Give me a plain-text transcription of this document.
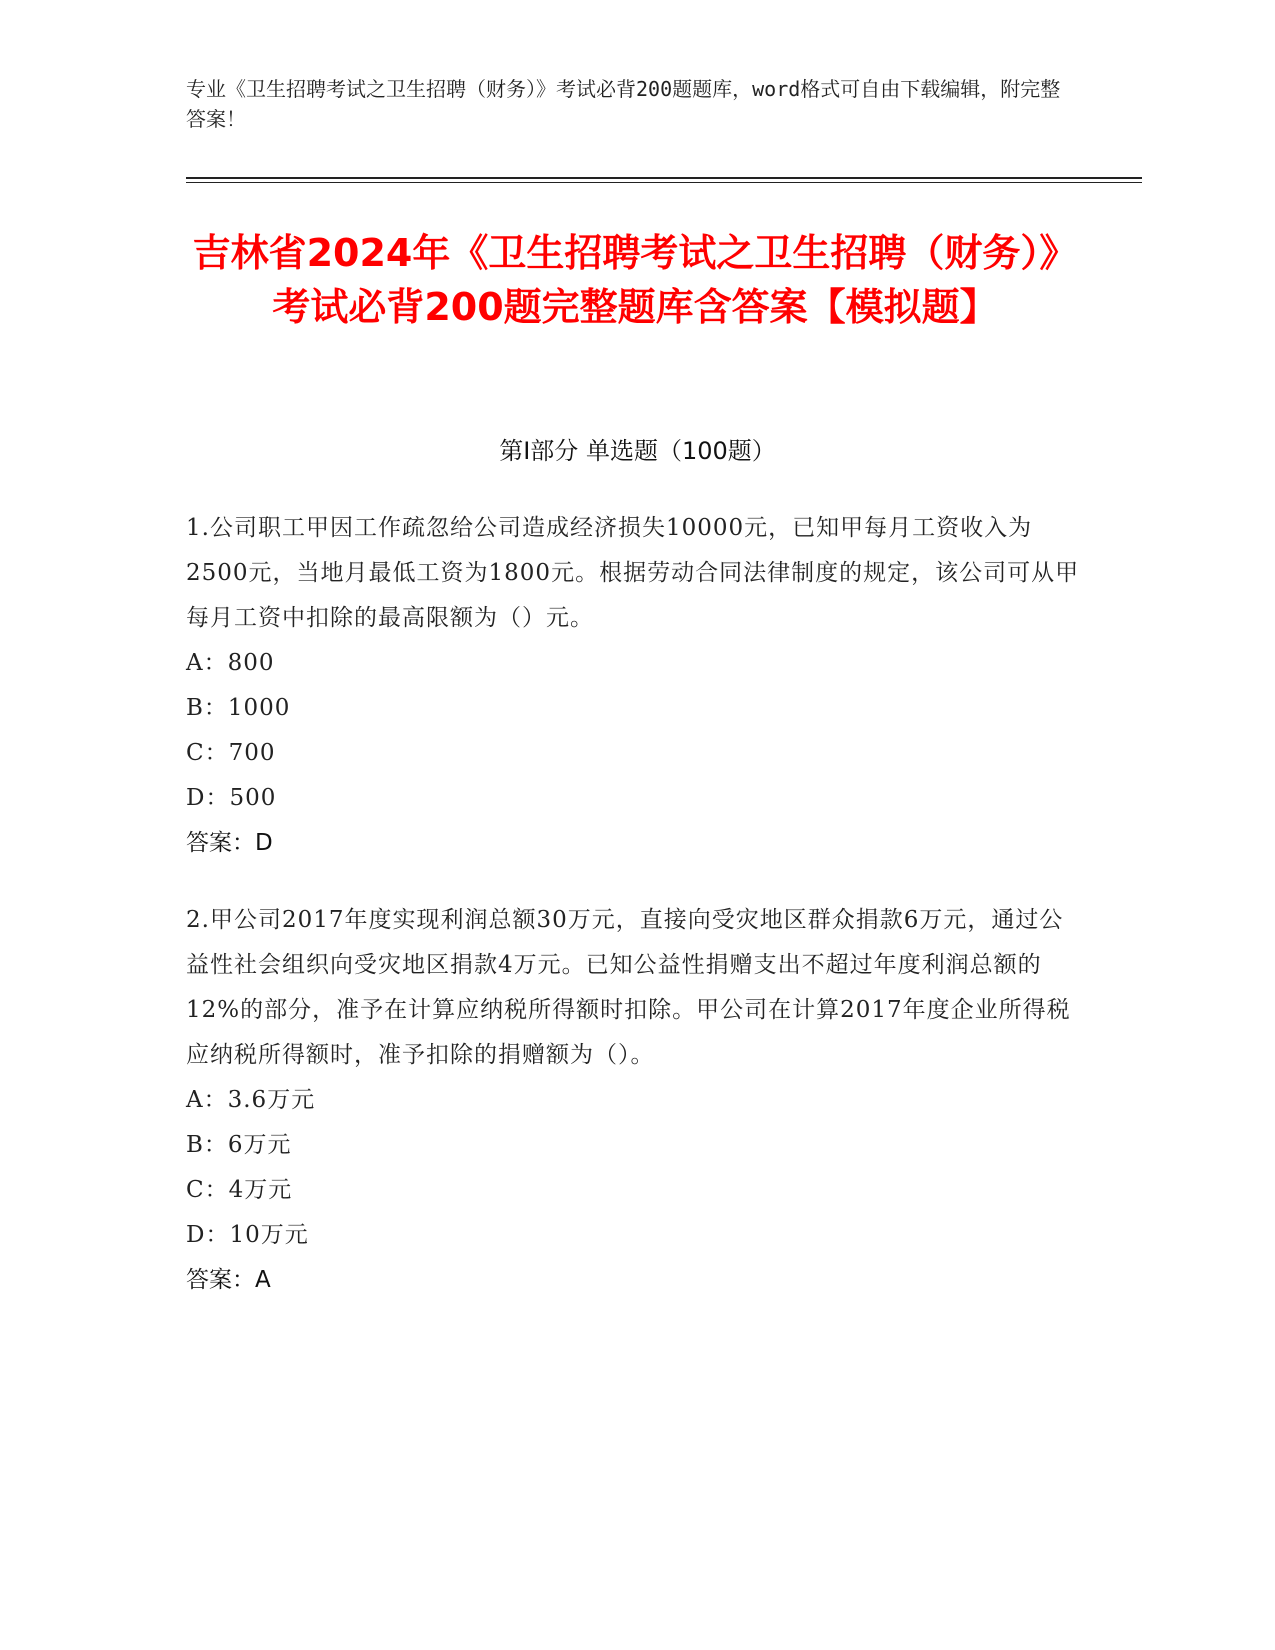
专业《卫生招聘考试之卫生招聘（财务）》考试必背200题题库，word格式可自由下载编辑，附完整答案！
吉林省2024年《卫生招聘考试之卫生招聘（财务）》考试必背200题完整题库含答案【模拟题】
第I部分 单选题（100题）
1.公司职工甲因工作疏忽给公司造成经济损失10000元，已知甲每月工资收入为2500元，当地月最低工资为1800元。根据劳动合同法律制度的规定，该公司可从甲每月工资中扣除的最高限额为（）元。
A：800
B：1000
C：700
D：500
答案：D
2.甲公司2017年度实现利润总额30万元，直接向受灾地区群众捐款6万元，通过公益性社会组织向受灾地区捐款4万元。已知公益性捐赠支出不超过年度利润总额的12%的部分，准予在计算应纳税所得额时扣除。甲公司在计算2017年度企业所得税应纳税所得额时，准予扣除的捐赠额为（）。
A：3.6万元
B：6万元
C：4万元
D：10万元
答案：A
